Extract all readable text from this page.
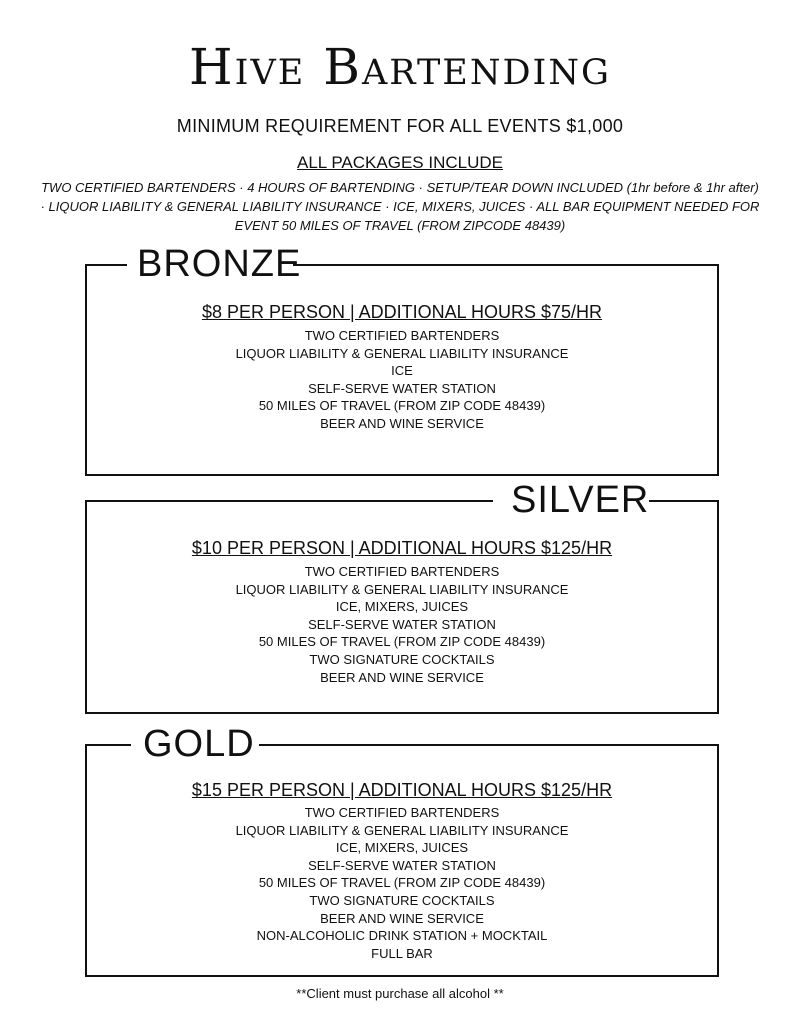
Hive Bartending
MINIMUM REQUIREMENT FOR ALL EVENTS $1,000
ALL PACKAGES INCLUDE
TWO CERTIFIED BARTENDERS · 4 HOURS OF BARTENDING · SETUP/TEAR DOWN INCLUDED (1hr before & 1hr after) · LIQUOR LIABILITY & GENERAL LIABILITY INSURANCE · ICE, MIXERS, JUICES · ALL BAR EQUIPMENT NEEDED FOR EVENT 50 MILES OF TRAVEL (FROM ZIPCODE 48439)
BRONZE
$8 PER PERSON | ADDITIONAL HOURS $75/HR
TWO CERTIFIED BARTENDERS
LIQUOR LIABILITY & GENERAL LIABILITY INSURANCE
ICE
SELF-SERVE WATER STATION
50 MILES OF TRAVEL (FROM ZIP CODE 48439)
BEER AND WINE SERVICE
SILVER
$10 PER PERSON | ADDITIONAL HOURS $125/HR
TWO CERTIFIED BARTENDERS
LIQUOR LIABILITY & GENERAL LIABILITY INSURANCE
ICE, MIXERS, JUICES
SELF-SERVE WATER STATION
50 MILES OF TRAVEL (FROM ZIP CODE 48439)
TWO SIGNATURE COCKTAILS
BEER AND WINE SERVICE
GOLD
$15 PER PERSON | ADDITIONAL HOURS $125/HR
TWO CERTIFIED BARTENDERS
LIQUOR LIABILITY & GENERAL LIABILITY INSURANCE
ICE, MIXERS, JUICES
SELF-SERVE WATER STATION
50 MILES OF TRAVEL (FROM ZIP CODE 48439)
TWO SIGNATURE COCKTAILS
BEER AND WINE SERVICE
NON-ALCOHOLIC DRINK STATION + MOCKTAIL
FULL BAR
**Client must purchase all alcohol **
